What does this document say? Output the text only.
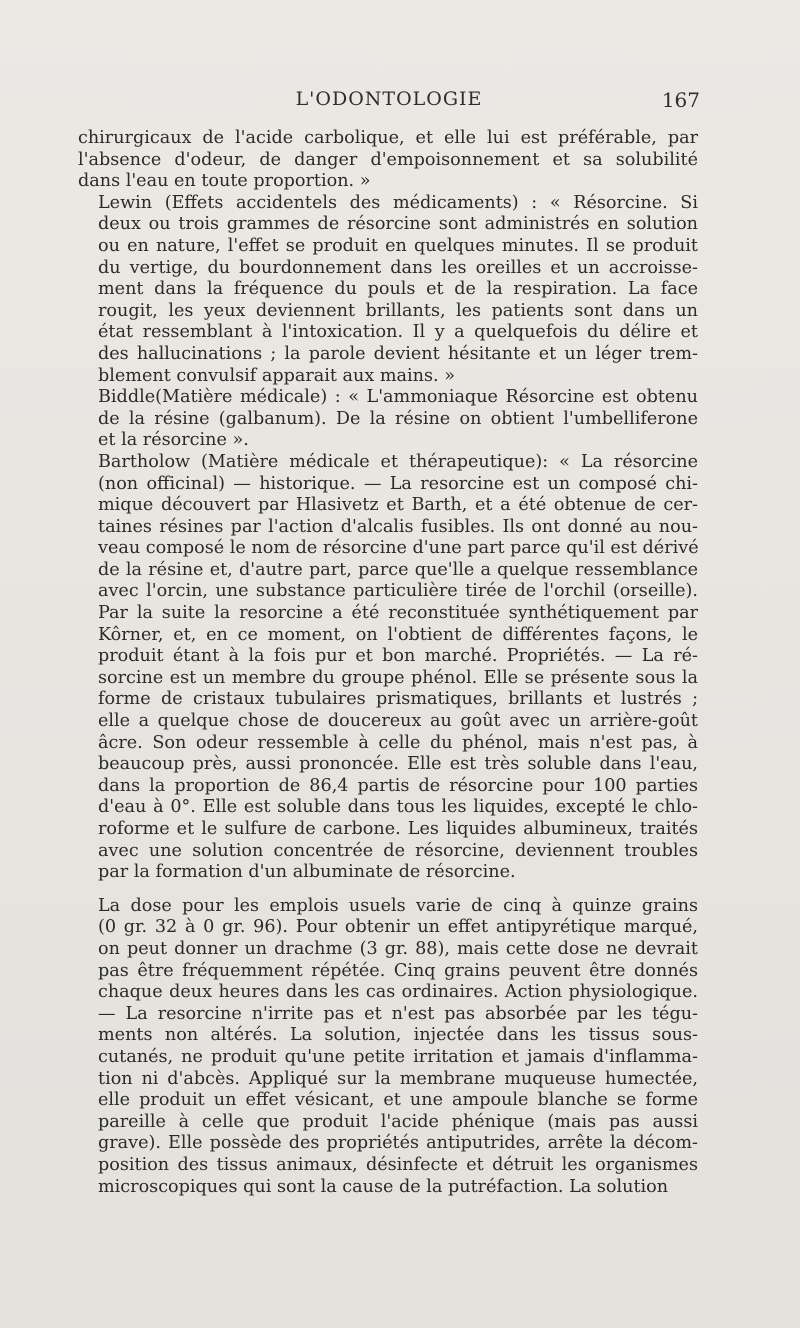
L'ODONTOLOGIE	167
chirurgicaux de l'acide carbolique, et elle lui est préférable, par
l'absence d'odeur, de danger d'empoisonnement et sa solubilité
dans l'eau en toute proportion. »
Lewin (Effets accidentels des médicaments) : « Résorcine. Si
deux ou trois grammes de résorcine sont administrés en solution
ou en nature, l'effet se produit en quelques minutes. Il se produit
du vertige, du bourdonnement dans les oreilles et un accroisse-
ment dans la fréquence du pouls et de la respiration. La face
rougit, les yeux deviennent brillants, les patients sont dans un
état ressemblant à l'intoxication. Il y a quelquefois du délire et
des hallucinations ; la parole devient hésitante et un léger trem-
blement convulsif apparait aux mains. »
Biddle(Matière médicale) : « L'ammoniaque Résorcine est obtenu
de la résine (galbanum). De la résine on obtient l'umbelliferone
et la résorcine ».
Bartholow (Matière médicale et thérapeutique): « La résorcine
(non officinal) — historique. — La resorcine est un composé chi-
mique découvert par Hlasivetz et Barth, et a été obtenue de cer-
taines résines par l'action d'alcalis fusibles. Ils ont donné au nou-
veau composé le nom de résorcine d'une part parce qu'il est dérivé
de la résine et, d'autre part, parce que'lle a quelque ressemblance
avec l'orcin, une substance particulière tirée de l'orchil (orseille).
Par la suite la resorcine a été reconstituée synthétiquement par
Kôrner, et, en ce moment, on l'obtient de différentes façons, le
produit étant à la fois pur et bon marché. Propriétés. — La ré-
sorcine est un membre du groupe phénol. Elle se présente sous la
forme de cristaux tubulaires prismatiques, brillants et lustrés ;
elle a quelque chose de doucereux au goût avec un arrière-goût
âcre. Son odeur ressemble à celle du phénol, mais n'est pas, à
beaucoup près, aussi prononcée. Elle est très soluble dans l'eau,
dans la proportion de 86,4 partis de résorcine pour 100 parties
d'eau à 0°. Elle est soluble dans tous les liquides, excepté le chlo-
roforme et le sulfure de carbone. Les liquides albumineux, traités
avec une solution concentrée de résorcine, deviennent troubles
par la formation d'un albuminate de résorcine.
La dose pour les emplois usuels varie de cinq à quinze grains
(0 gr. 32 à 0 gr. 96). Pour obtenir un effet antipyrétique marqué,
on peut donner un drachme (3 gr. 88), mais cette dose ne devrait
pas être fréquemment répétée. Cinq grains peuvent être donnés
chaque deux heures dans les cas ordinaires. Action physiologique.
— La resorcine n'irrite pas et n'est pas absorbée par les tégu-
ments non altérés. La solution, injectée dans les tissus sous-
cutanés, ne produit qu'une petite irritation et jamais d'inflamma-
tion ni d'abcès. Appliqué sur la membrane muqueuse humectée,
elle produit un effet vésicant, et une ampoule blanche se forme
pareille à celle que produit l'acide phénique (mais pas aussi
grave). Elle possède des propriétés antiputrides, arrête la décom-
position des tissus animaux, désinfecte et détruit les organismes
microscopiques qui sont la cause de la putréfaction. La solution
